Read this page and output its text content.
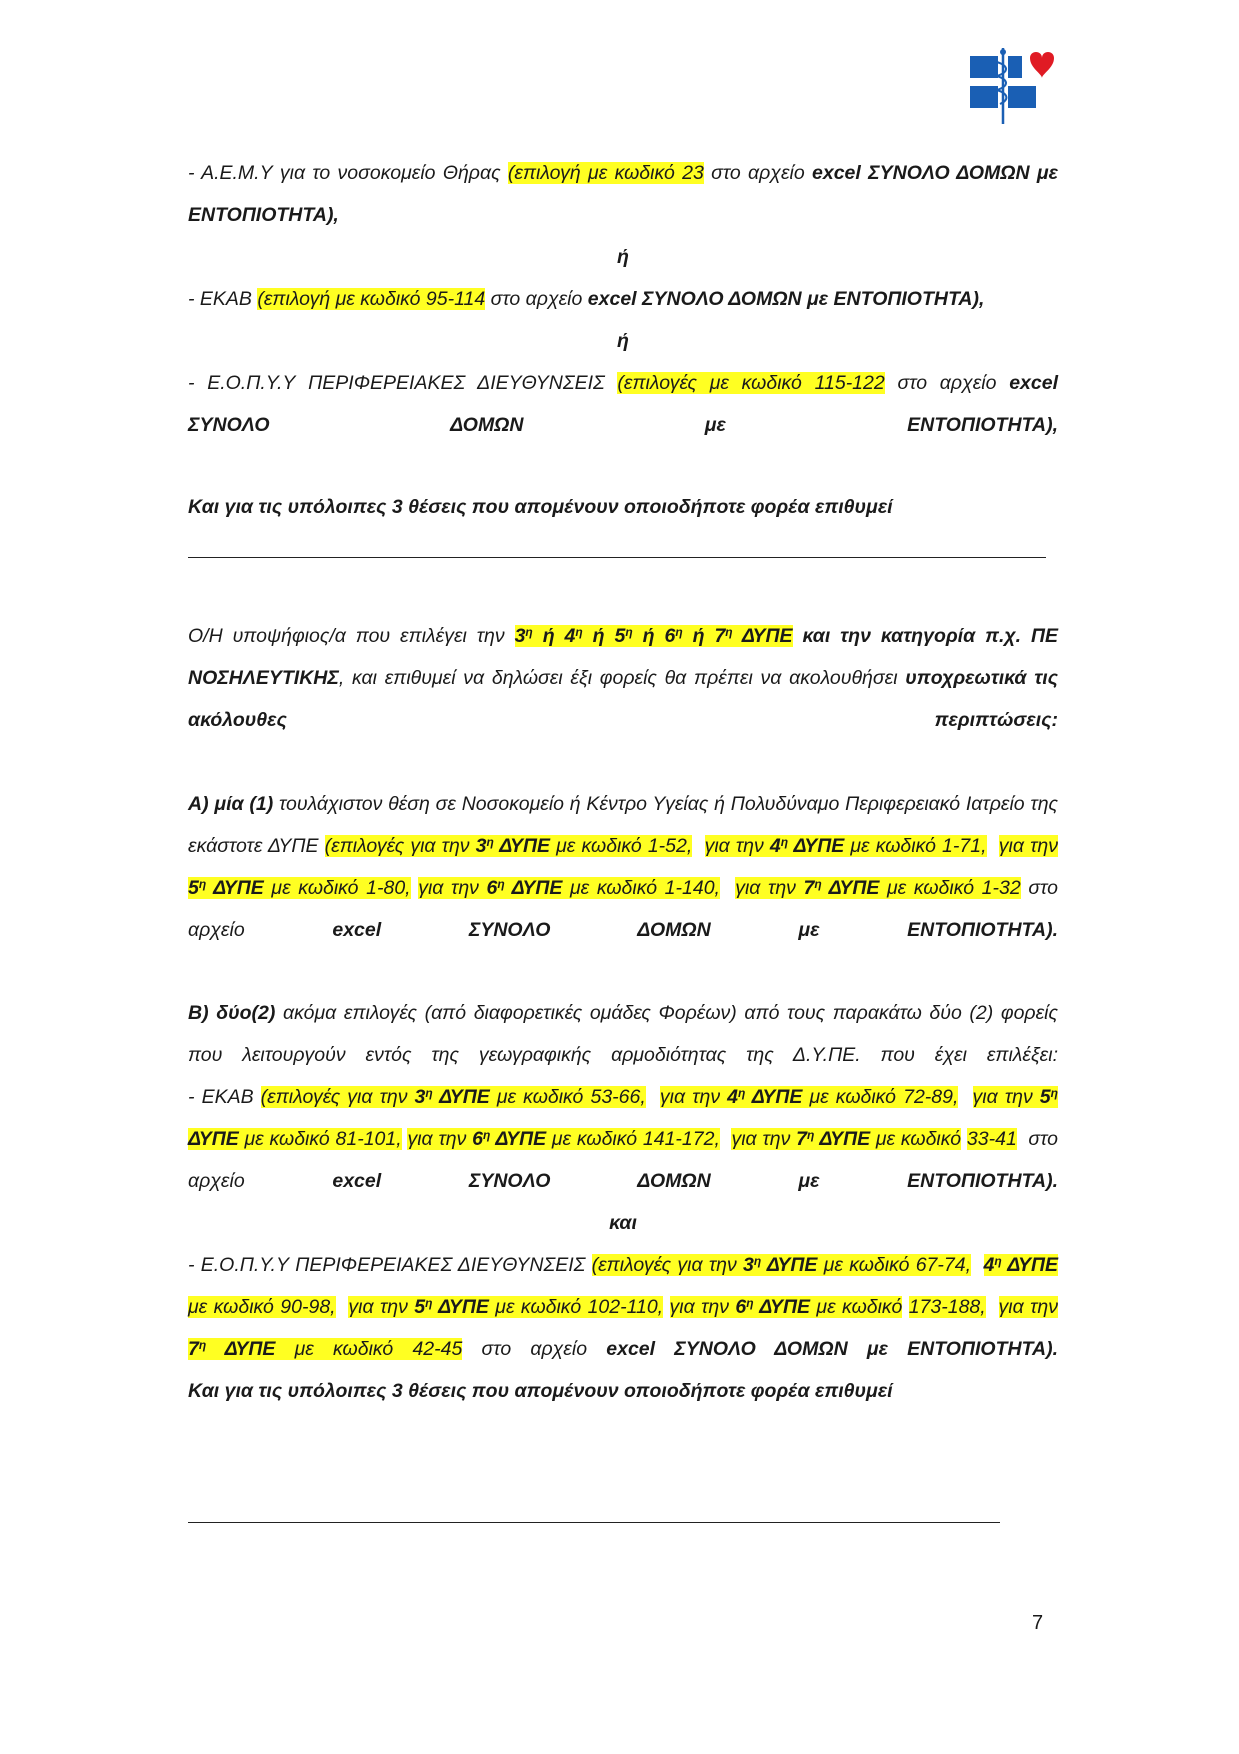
- Α.Ε.Μ.Υ για το νοσοκομείο Θήρας (επιλογή με κωδικό 23 στο αρχείο excel ΣΥΝΟΛΟ ΔΟΜΩΝ με ΕΝΤΟΠΙΟΤΗΤΑ),

ή

- ΕΚΑΒ (επιλογή με κωδικό 95-114 στο αρχείο excel ΣΥΝΟΛΟ ΔΟΜΩΝ με ΕΝΤΟΠΙΟΤΗΤΑ),

ή

- Ε.Ο.Π.Υ.Υ ΠΕΡΙΦΕΡΕΙΑΚΕΣ ΔΙΕΥΘΥΝΣΕΙΣ (επιλογές με κωδικό 115-122 στο αρχείο excel ΣΥΝΟΛΟ ΔΟΜΩΝ με ΕΝΤΟΠΙΟΤΗΤΑ),

Και για τις υπόλοιπες 3 θέσεις που απομένουν οποιοδήποτε φορέα επιθυμεί

Ο/Η υποψήφιος/α που επιλέγει την $3^\eta$ ή $4^\eta$ ή $5^\eta$ ή $6^\eta$ ή $7^\eta$ ΔΥΠΕ και την κατηγορία π.χ. ΠΕ ΝΟΣΗΛΕΥΤΙΚΗΣ, και επιθυμεί να δηλώσει έξι φορείς θα πρέπει να ακολουθήσει υποχρεωτικά τις ακόλουθες περιπτώσεις:

Α) μία (1) τουλάχιστον θέση σε Νοσοκομείο ή Κέντρο Υγείας ή Πολυδύναμο Περιφερειακό Ιατρείο της εκάστοτε ΔΥΠΕ (επιλογές για την $3^\eta$ ΔΥΠΕ με κωδικό 1-52, για την $4^\eta$ ΔΥΠΕ με κωδικό 1-71, για την $5^\eta$ ΔΥΠΕ με κωδικό 1-80, για την $6^\eta$ ΔΥΠΕ με κωδικό 1-140, για την $7^\eta$ ΔΥΠΕ με κωδικό 1-32 στο αρχείο excel ΣΥΝΟΛΟ ΔΟΜΩΝ με ΕΝΤΟΠΙΟΤΗΤΑ).

Β) δύο(2) ακόμα επιλογές (από διαφορετικές ομάδες Φορέων) από τους παρακάτω δύο (2) φορείς που λειτουργούν εντός της γεωγραφικής αρμοδιότητας της Δ.Υ.ΠΕ. που έχει επιλέξει:

- ΕΚΑΒ (επιλογές για την $3^\eta$ ΔΥΠΕ με κωδικό 53-66, για την $4^\eta$ ΔΥΠΕ με κωδικό 72-89, για την $5^\eta$ ΔΥΠΕ με κωδικό 81-101, για την $6^\eta$ ΔΥΠΕ με κωδικό 141-172, για την $7^\eta$ ΔΥΠΕ με κωδικό 33-41  στο αρχείο excel ΣΥΝΟΛΟ ΔΟΜΩΝ με ΕΝΤΟΠΙΟΤΗΤΑ).

και

- Ε.Ο.Π.Υ.Υ ΠΕΡΙΦΕΡΕΙΑΚΕΣ ΔΙΕΥΘΥΝΣΕΙΣ (επιλογές για την $3^\eta$ ΔΥΠΕ με κωδικό 67-74, $4^\eta$ ΔΥΠΕ με κωδικό 90-98, για την $5^\eta$ ΔΥΠΕ με κωδικό 102-110, για την $6^\eta$ ΔΥΠΕ με κωδικό 173-188, για την $7^\eta$ ΔΥΠΕ με κωδικό 42-45 στο αρχείο excel ΣΥΝΟΛΟ ΔΟΜΩΝ με ΕΝΤΟΠΙΟΤΗΤΑ).

Και για τις υπόλοιπες 3 θέσεις που απομένουν οποιοδήποτε φορέα επιθυμεί

7
